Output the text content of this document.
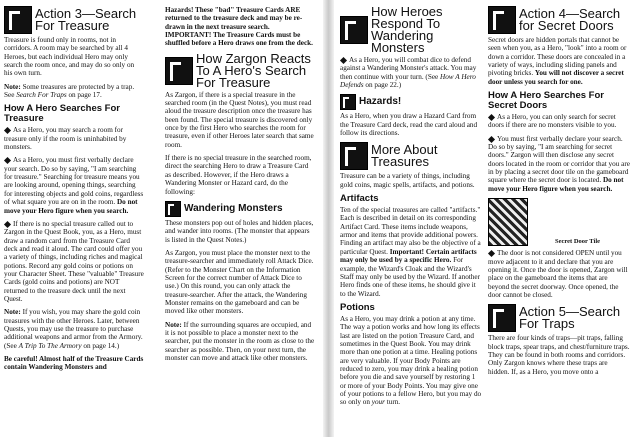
Action 3—Search For Treasure

Treasure is found only in rooms, not in corridors. A room may be searched by all 4 Heroes, but each individual Hero may only search the room once, and may do so only on his own turn.

Note: Some treasures are protected by a trap. See Search For Traps on page 17.

How A Hero Searches For Treasure

As a Hero, you may search a room for treasure only if the room is uninhabited by monsters.

As a Hero, you must first verbally declare your search. Do so by saying, "I am searching for treasure." Searching for treasure means you are looking around, opening things, searching for interesting objects and gold coins, regardless of what square you are on in the room. Do not move your Hero figure when you search.

If there is no special treasure called out to Zargon in the Quest Book, you, as a Hero, must draw a random card from the Treasure Card deck and read it aloud. The card could offer you a variety of things, including riches and magical potions. Record any gold coins or potions on your Character Sheet. These "valuable" Treasure Cards (gold coins and potions) are NOT returned to the treasure deck until the next Quest.

Note: If you wish, you may share the gold coin treasures with the other Heroes. Later, between Quests, you may use the treasure to purchase additional weapons and armor from the Armory. (See A Trip To The Armory on page 14.)

Be careful! Almost half of the Treasure Cards contain Wandering Monsters and

Hazards! These "bad" Treasure Cards ARE returned to the treasure deck and may be re-drawn in the next treasure search. IMPORTANT! The Treasure Cards must be shuffled before a Hero draws one from the deck.

How Zargon Reacts To A Hero's Search For Treasure

As Zargon, if there is a special treasure in the searched room (in the Quest Notes), you must read aloud the treasure description once the treasure has been found. The special treasure is discovered only once by the first Hero who searches the room for treasure, even if other Heroes later search that same room.

If there is no special treasure in the searched room, direct the searching Hero to draw a Treasure Card as described. However, if the Hero draws a Wandering Monster or Hazard card, do the following:

Wandering Monsters

These monsters pop out of holes and hidden places, and wander into rooms. (The monster that appears is listed in the Quest Notes.)

As Zargon, you must place the monster next to the treasure-searcher and immediately roll Attack Dice. (Refer to the Monster Chart on the Information Screen for the correct number of Attack Dice to use.) On this round, you can only attack the treasure-searcher. After the attack, the Wandering Monster remains on the gameboard and can be moved like other monsters.

Note: If the surrounding squares are occupied, and it is not possible to place a monster next to the searcher, put the monster in the room as close to the searcher as possible. Then, on your next turn, the monster can move and attack like other monsters.

How Heroes Respond To Wandering Monsters

As a Hero, you will combat dice to defend against a Wandering Monster's attack. You may then continue with your turn. (See How A Hero Defends on page 22.)

Hazards!

As a Hero, when you draw a Hazard Card from the Treasure Card deck, read the card aloud and follow its directions.

More About Treasures

Treasure can be a variety of things, including gold coins, magic spells, artifacts, and potions.

Artifacts

Ten of the special treasures are called "artifacts." Each is described in detail on its corresponding Artifact Card. These items include weapons, armor and items that provide additional powers. Finding an artifact may also be the objective of a particular Quest. Important! Certain artifacts may only be used by a specific Hero. For example, the Wizard's Cloak and the Wizard's Staff may only be used by the Wizard. If another Hero finds one of these items, he should give it to the Wizard.

Potions

As a Hero, you may drink a potion at any time. The way a potion works and how long its effects last are listed on the potion Treasure Card, and sometimes in the Quest Book. You may drink more than one potion at a time. Healing potions are very valuable. If your Body Points are reduced to zero, you may drink a healing potion before you die and save yourself by restoring 1 or more of your Body Points. You may give one of your potions to a fellow Hero, but you may do so only on your turn.

Action 4—Search for Secret Doors

Secret doors are hidden portals that cannot be seen when you, as a Hero, "look" into a room or down a corridor. These doors are concealed in a variety of ways, including sliding panels and pivoting bricks. You will not discover a secret door unless you search for one.

How A Hero Searches For Secret Doors

As a Hero, you can only search for secret doors if there are no monsters visible to you.

You must first verbally declare your search. Do so by saying, "I am searching for secret doors." Zargon will then disclose any secret doors located in the room or corridor that you are in by placing a secret door tile on the gameboard square where the secret door is located. Do not move your Hero figure when you search.

Secret Door Tile

The door is not considered OPEN until you move adjacent to it and declare that you are opening it. Once the door is opened, Zargon will place on the gameboard the items that are beyond the secret doorway. Once opened, the door cannot be closed.

Action 5—Search For Traps

There are four kinds of traps—pit traps, falling block traps, spear traps, and chest/furniture traps. They can be found in both rooms and corridors. Only Zargon knows where these traps are hidden. If, as a Hero, you move onto a
